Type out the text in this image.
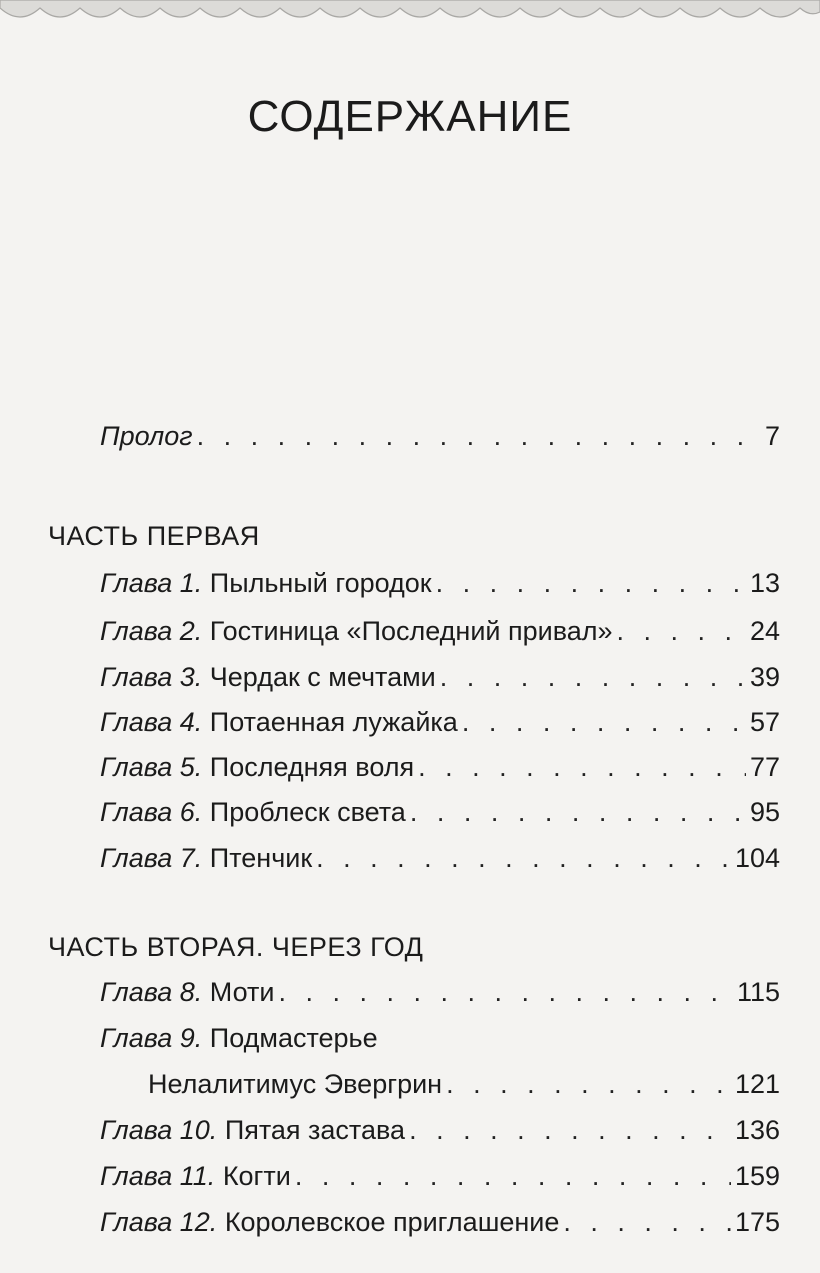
СОДЕРЖАНИЕ
Пролог . . .	7
ЧАСТЬ ПЕРВАЯ
Глава 1. Пыльный городок . . .	13
Глава 2. Гостиница «Последний привал» . . .	24
Глава 3. Чердак с мечтами . . .	39
Глава 4. Потаенная лужайка . . .	57
Глава 5. Последняя воля . . .	77
Глава 6. Проблеск света . . .	95
Глава 7. Птенчик . . .	104
ЧАСТЬ ВТОРАЯ. ЧЕРЕЗ ГОД
Глава 8. Моти . . .	115
Глава 9. Подмастерье
Нелалитимус Эвергрин . . .	121
Глава 10. Пятая застава . . .	136
Глава 11. Когти . . .	159
Глава 12. Королевское приглашение . . .	175
